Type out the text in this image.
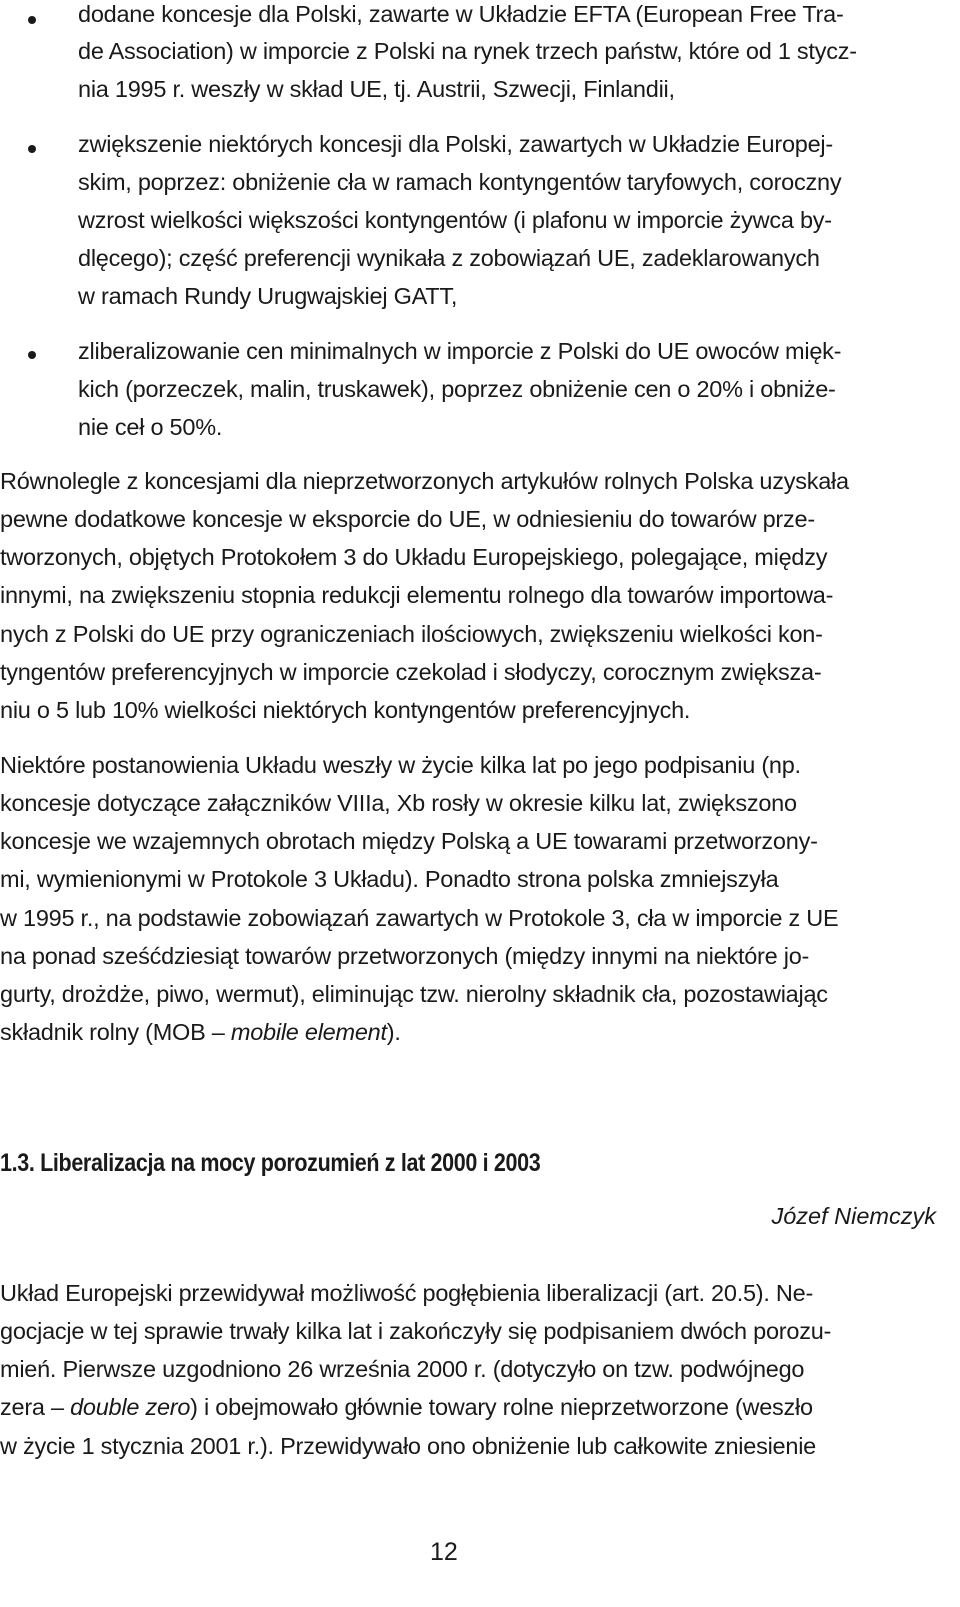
dodane koncesje dla Polski, zawarte w Układzie EFTA (European Free Tra-
de Association) w imporcie z Polski na rynek trzech państw, które od 1 stycz-
nia 1995 r. weszły w skład UE, tj. Austrii, Szwecji, Finlandii,
zwiększenie niektórych koncesji dla Polski, zawartych w Układzie Europej-
skim, poprzez: obniżenie cła w ramach kontyngentów taryfowych, coroczny
wzrost wielkości większości kontyngentów (i plafonu w imporcie żywca by-
dlęcego); część preferencji wynikała z zobowiązań UE, zadeklarowanych
w ramach Rundy Urugwajskiej GATT,
zliberalizowanie cen minimalnych w imporcie z Polski do UE owoców mięk-
kich (porzeczek, malin, truskawek), poprzez obniżenie cen o 20% i obniże-
nie ceł o 50%.
Równolegle z koncesjami dla nieprzetworzonych artykułów rolnych Polska uzyskała
pewne dodatkowe koncesje w eksporcie do UE, w odniesieniu do towarów prze-
tworzonych, objętych Protokołem 3 do Układu Europejskiego, polegające, między
innymi, na zwiększeniu stopnia redukcji elementu rolnego dla towarów importowa-
nych z Polski do UE przy ograniczeniach ilościowych, zwiększeniu wielkości kon-
tyngentów preferencyjnych w imporcie czekolad i słodyczy, corocznym zwiększa-
niu o 5 lub 10% wielkości niektórych kontyngentów preferencyjnych.
Niektóre postanowienia Układu weszły w życie kilka lat po jego podpisaniu (np.
koncesje dotyczące załączników VIIIa, Xb rosły w okresie kilku lat, zwiększono
koncesje we wzajemnych obrotach między Polską a UE towarami przetworzony-
mi, wymienionymi w Protokole 3 Układu). Ponadto strona polska zmniejszyła
w 1995 r., na podstawie zobowiązań zawartych w Protokole 3, cła w imporcie z UE
na ponad sześćdziesiąt towarów przetworzonych (między innymi na niektóre jo-
gurty, drożdże, piwo, wermut), eliminując tzw. nierolny składnik cła, pozostawiając
składnik rolny (MOB – mobile element).
1.3. Liberalizacja na mocy porozumień z lat 2000 i 2003
Józef Niemczyk
Układ Europejski przewidywał możliwość pogłębienia liberalizacji (art. 20.5). Ne-
gocjacje w tej sprawie trwały kilka lat i zakończyły się podpisaniem dwóch porozu-
mień. Pierwsze uzgodniono 26 września 2000 r. (dotyczyło on tzw. podwójnego
zera – double zero) i obejmowało głównie towary rolne nieprzetworzone (weszło
w życie 1 stycznia 2001 r.). Przewidywało ono obniżenie lub całkowite zniesienie
12
